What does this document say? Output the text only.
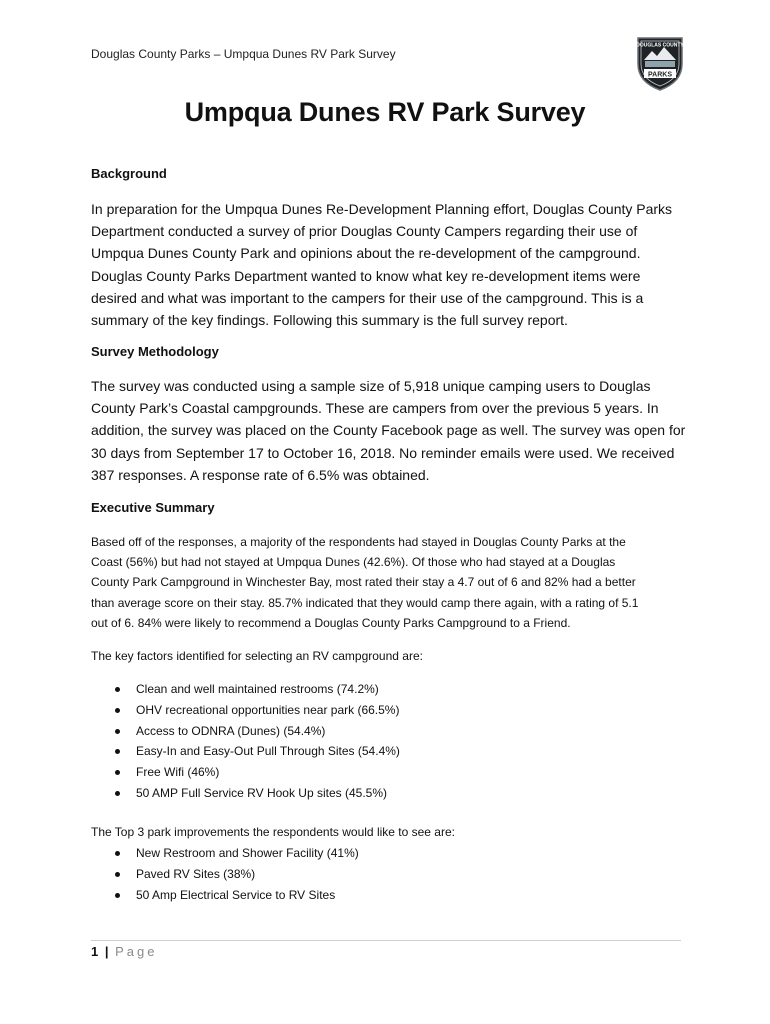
Douglas County Parks – Umpqua Dunes RV Park Survey
DOUGLAS COUNTY
PARKS
Umpqua Dunes RV Park Survey
Background
In preparation for the Umpqua Dunes Re-Development Planning effort, Douglas County Parks
Department conducted a survey of prior Douglas County Campers regarding their use of
Umpqua Dunes County Park and opinions about the re-development of the campground.
Douglas County Parks Department wanted to know what key re-development items were
desired and what was important to the campers for their use of the campground. This is a
summary of the key findings. Following this summary is the full survey report.
Survey Methodology
The survey was conducted using a sample size of 5,918 unique camping users to Douglas
County Park’s Coastal campgrounds. These are campers from over the previous 5 years. In
addition, the survey was placed on the County Facebook page as well. The survey was open for
30 days from September 17 to October 16, 2018. No reminder emails were used. We received
387 responses. A response rate of 6.5% was obtained.
Executive Summary
Based off of the responses, a majority of the respondents had stayed in Douglas County Parks at the
Coast (56%) but had not stayed at Umpqua Dunes (42.6%). Of those who had stayed at a Douglas
County Park Campground in Winchester Bay, most rated their stay a 4.7 out of 6 and 82% had a better
than average score on their stay. 85.7% indicated that they would camp there again, with a rating of 5.1
out of 6. 84% were likely to recommend a Douglas County Parks Campground to a Friend.
The key factors identified for selecting an RV campground are:
Clean and well maintained restrooms (74.2%)
OHV recreational opportunities near park (66.5%)
Access to ODNRA (Dunes) (54.4%)
Easy-In and Easy-Out Pull Through Sites (54.4%)
Free Wifi (46%)
50 AMP Full Service RV Hook Up sites (45.5%)
The Top 3 park improvements the respondents would like to see are:
New Restroom and Shower Facility (41%)
Paved RV Sites (38%)
50 Amp Electrical Service to RV Sites
1 | Page
